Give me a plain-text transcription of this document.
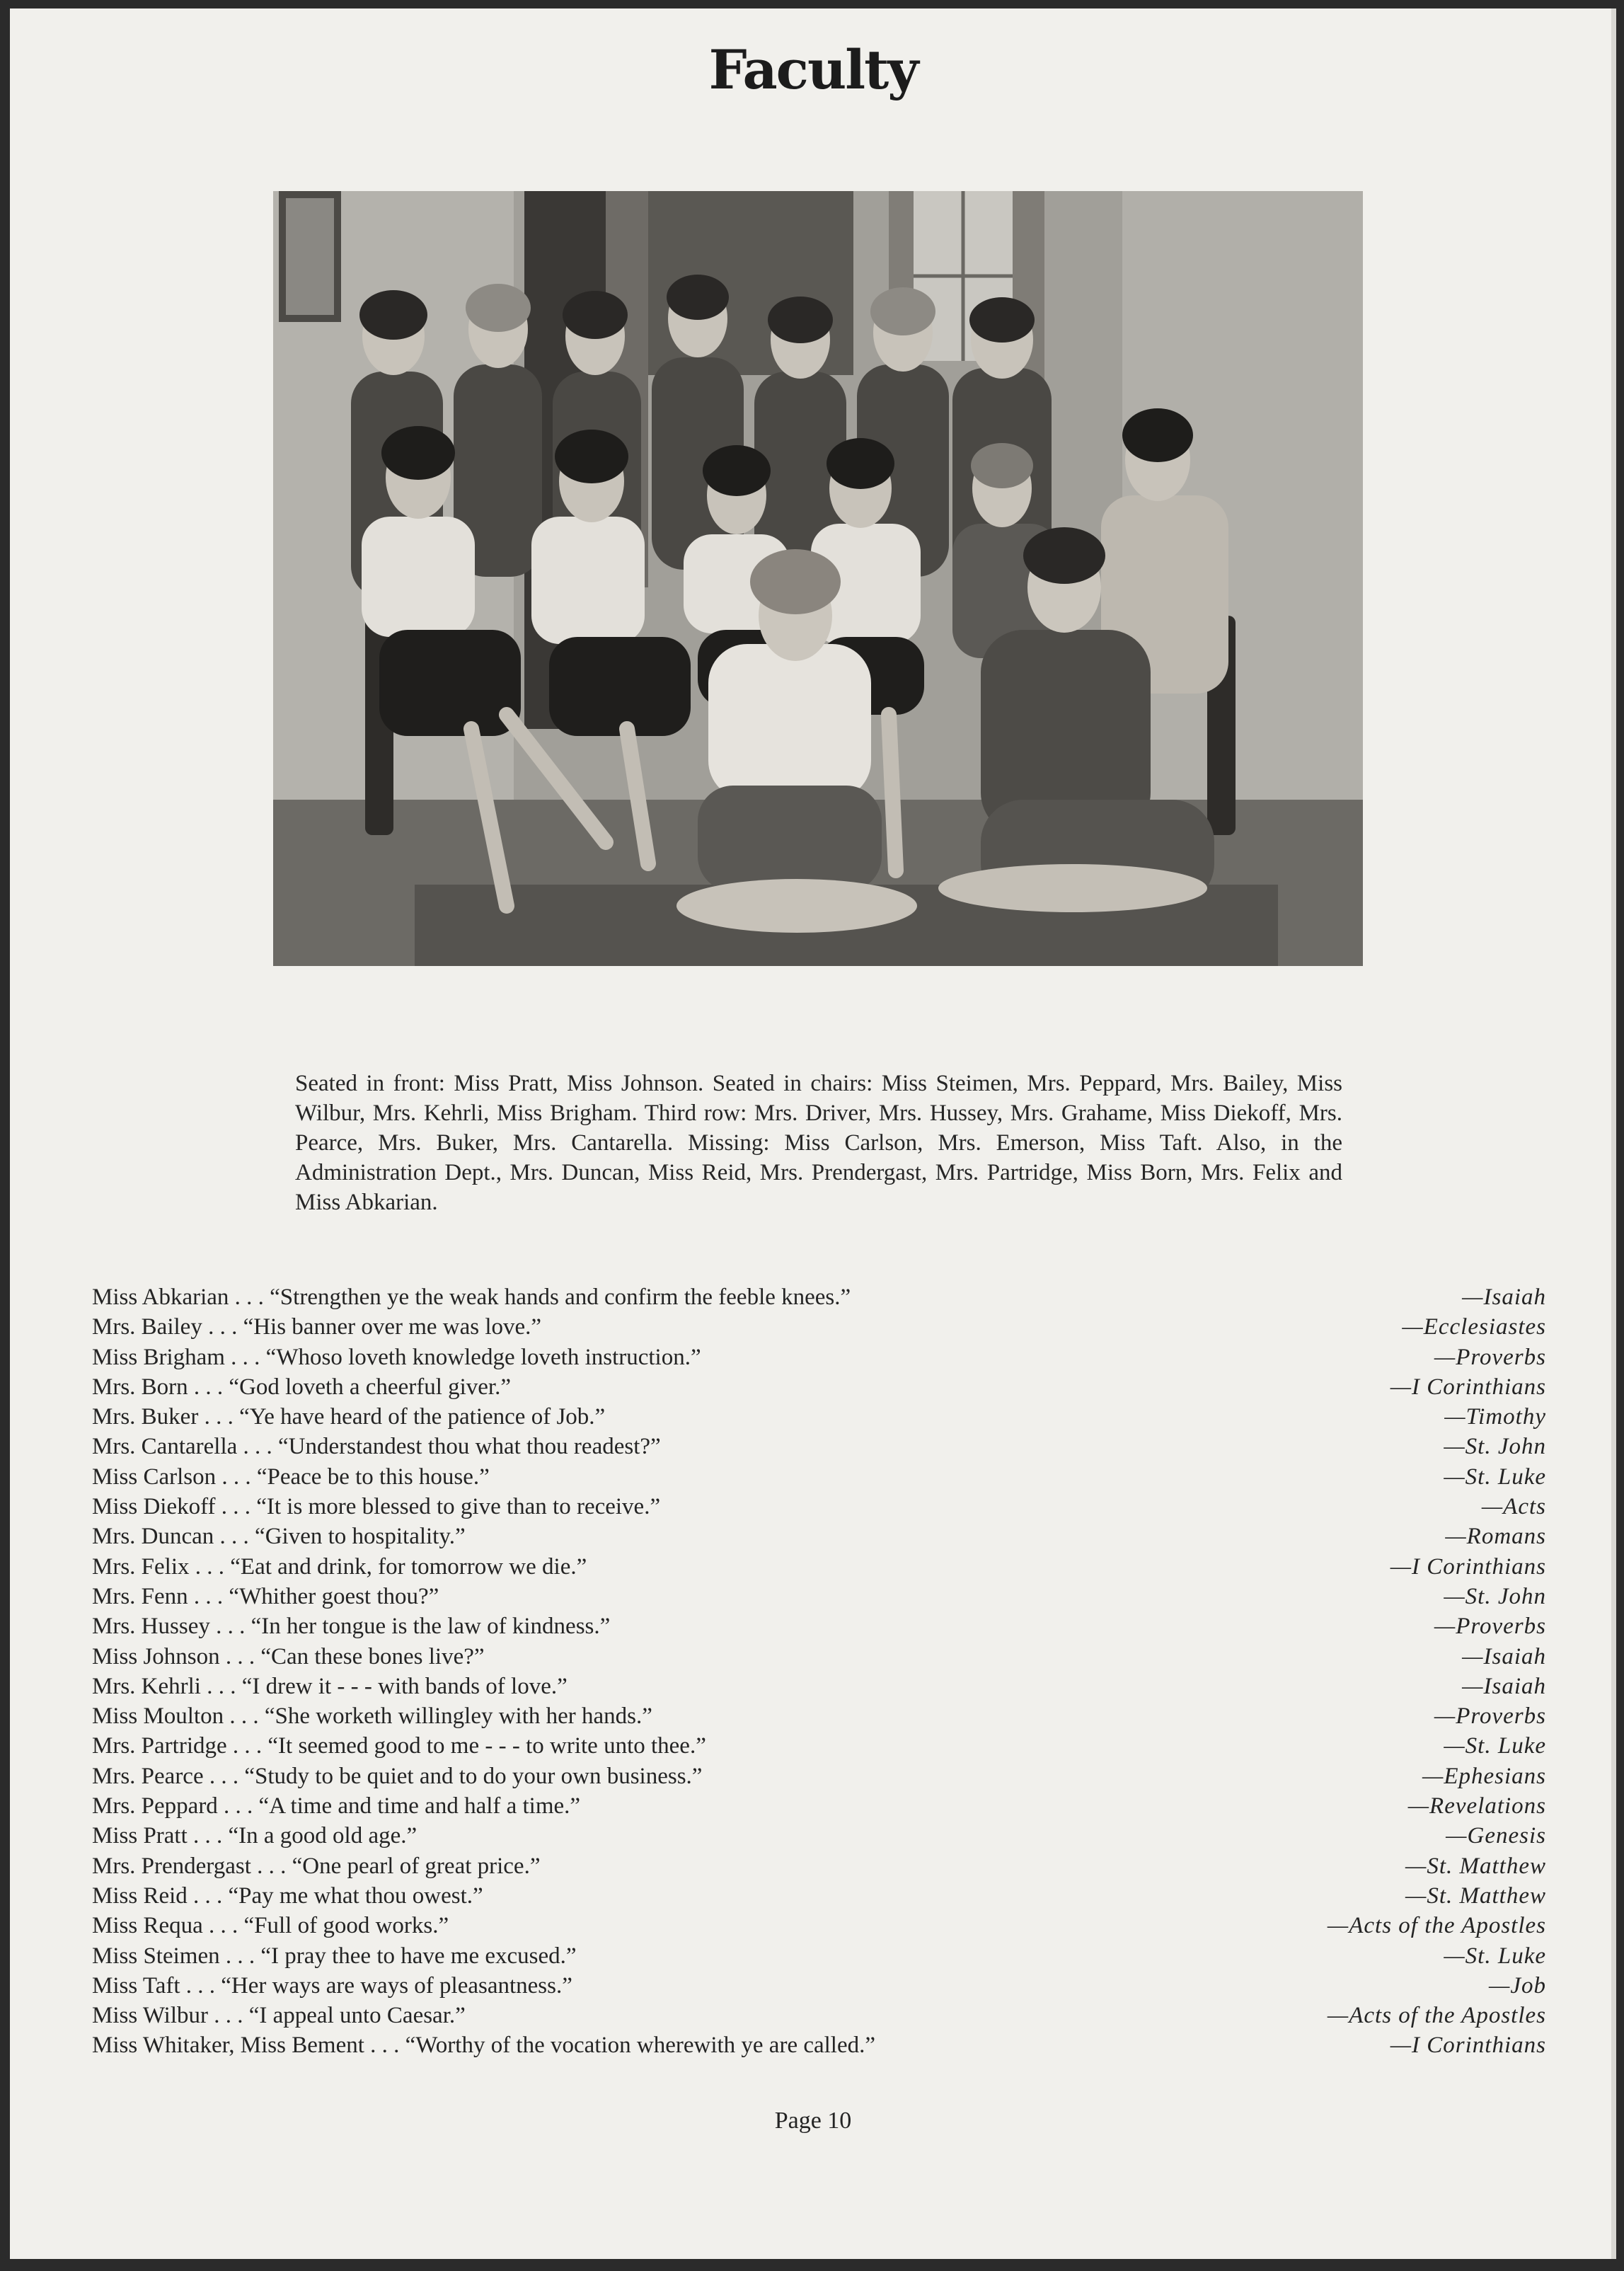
Faculty
Seated in front: Miss Pratt, Miss Johnson. Seated in chairs: Miss Steimen, Mrs. Peppard, Mrs. Bailey, Miss Wilbur, Mrs. Kehrli, Miss Brigham. Third row: Mrs. Driver, Mrs. Hussey, Mrs. Grahame, Miss Diekoff, Mrs. Pearce, Mrs. Buker, Mrs. Cantarella. Missing: Miss Carlson, Mrs. Emerson, Miss Taft. Also, in the Administration Dept., Mrs. Duncan, Miss Reid, Mrs. Prendergast, Mrs. Partridge, Miss Born, Mrs. Felix and Miss Abkarian.
Miss Abkarian . . . “Strengthen ye the weak hands and confirm the feeble knees.”	—Isaiah
Mrs. Bailey . . . “His banner over me was love.”	—Ecclesiastes
Miss Brigham . . . “Whoso loveth knowledge loveth instruction.”	—Proverbs
Mrs. Born . . . “God loveth a cheerful giver.”	—I Corinthians
Mrs. Buker . . . “Ye have heard of the patience of Job.”	—Timothy
Mrs. Cantarella . . . “Understandest thou what thou readest?”	—St. John
Miss Carlson . . . “Peace be to this house.”	—St. Luke
Miss Diekoff . . . “It is more blessed to give than to receive.”	—Acts
Mrs. Duncan . . . “Given to hospitality.”	—Romans
Mrs. Felix . . . “Eat and drink, for tomorrow we die.”	—I Corinthians
Mrs. Fenn . . . “Whither goest thou?”	—St. John
Mrs. Hussey . . . “In her tongue is the law of kindness.”	—Proverbs
Miss Johnson . . . “Can these bones live?”	—Isaiah
Mrs. Kehrli . . . “I drew it - - - with bands of love.”	—Isaiah
Miss Moulton . . . “She worketh willingley with her hands.”	—Proverbs
Mrs. Partridge . . . “It seemed good to me - - - to write unto thee.”	—St. Luke
Mrs. Pearce . . . “Study to be quiet and to do your own business.”	—Ephesians
Mrs. Peppard . . . “A time and time and half a time.”	—Revelations
Miss Pratt . . . “In a good old age.”	—Genesis
Mrs. Prendergast . . . “One pearl of great price.”	—St. Matthew
Miss Reid . . . “Pay me what thou owest.”	—St. Matthew
Miss Requa . . . “Full of good works.”	—Acts of the Apostles
Miss Steimen . . . “I pray thee to have me excused.”	—St. Luke
Miss Taft . . . “Her ways are ways of pleasantness.”	—Job
Miss Wilbur . . . “I appeal unto Caesar.”	—Acts of the Apostles
Miss Whitaker, Miss Bement . . . “Worthy of the vocation wherewith ye are called.”	—I Corinthians
Page 10
